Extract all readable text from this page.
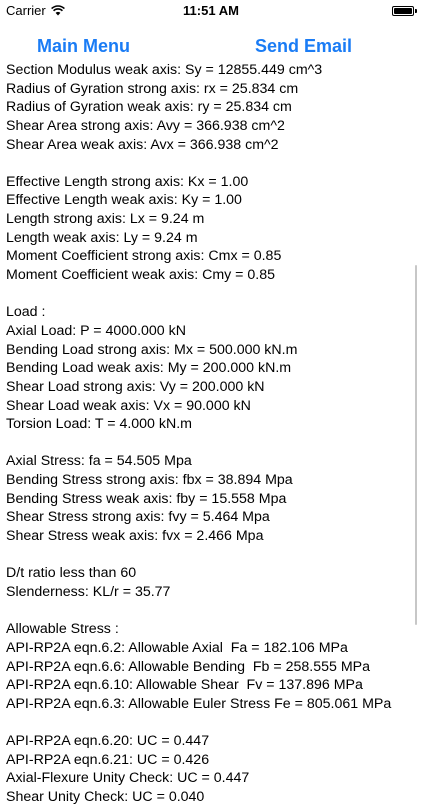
Carrier	11:51 AM
Main Menu	Send Email
Section Modulus weak axis: Sy = 12855.449 cm^3
Radius of Gyration strong axis: rx = 25.834 cm
Radius of Gyration weak axis: ry = 25.834 cm
Shear Area strong axis: Avy = 366.938 cm^2
Shear Area weak axis: Avx = 366.938 cm^2
Effective Length strong axis: Kx = 1.00
Effective Length weak axis: Ky = 1.00
Length strong axis: Lx = 9.24 m
Length weak axis: Ly = 9.24 m
Moment Coefficient strong axis: Cmx = 0.85
Moment Coefficient weak axis: Cmy = 0.85
Load :
Axial Load: P = 4000.000 kN
Bending Load strong axis: Mx = 500.000 kN.m
Bending Load weak axis: My = 200.000 kN.m
Shear Load strong axis: Vy = 200.000 kN
Shear Load weak axis: Vx = 90.000 kN
Torsion Load: T = 4.000 kN.m
Axial Stress: fa = 54.505 Mpa
Bending Stress strong axis: fbx = 38.894 Mpa
Bending Stress weak axis: fby = 15.558 Mpa
Shear Stress strong axis: fvy = 5.464 Mpa
Shear Stress weak axis: fvx = 2.466 Mpa
D/t ratio less than 60
Slenderness: KL/r = 35.77
Allowable Stress :
API-RP2A eqn.6.2: Allowable Axial  Fa = 182.106 MPa
API-RP2A eqn.6.6: Allowable Bending  Fb = 258.555 MPa
API-RP2A eqn.6.10: Allowable Shear  Fv = 137.896 MPa
API-RP2A eqn.6.3: Allowable Euler Stress Fe = 805.061 MPa
API-RP2A eqn.6.20: UC = 0.447
API-RP2A eqn.6.21: UC = 0.426
Axial-Flexure Unity Check: UC = 0.447
Shear Unity Check: UC = 0.040
